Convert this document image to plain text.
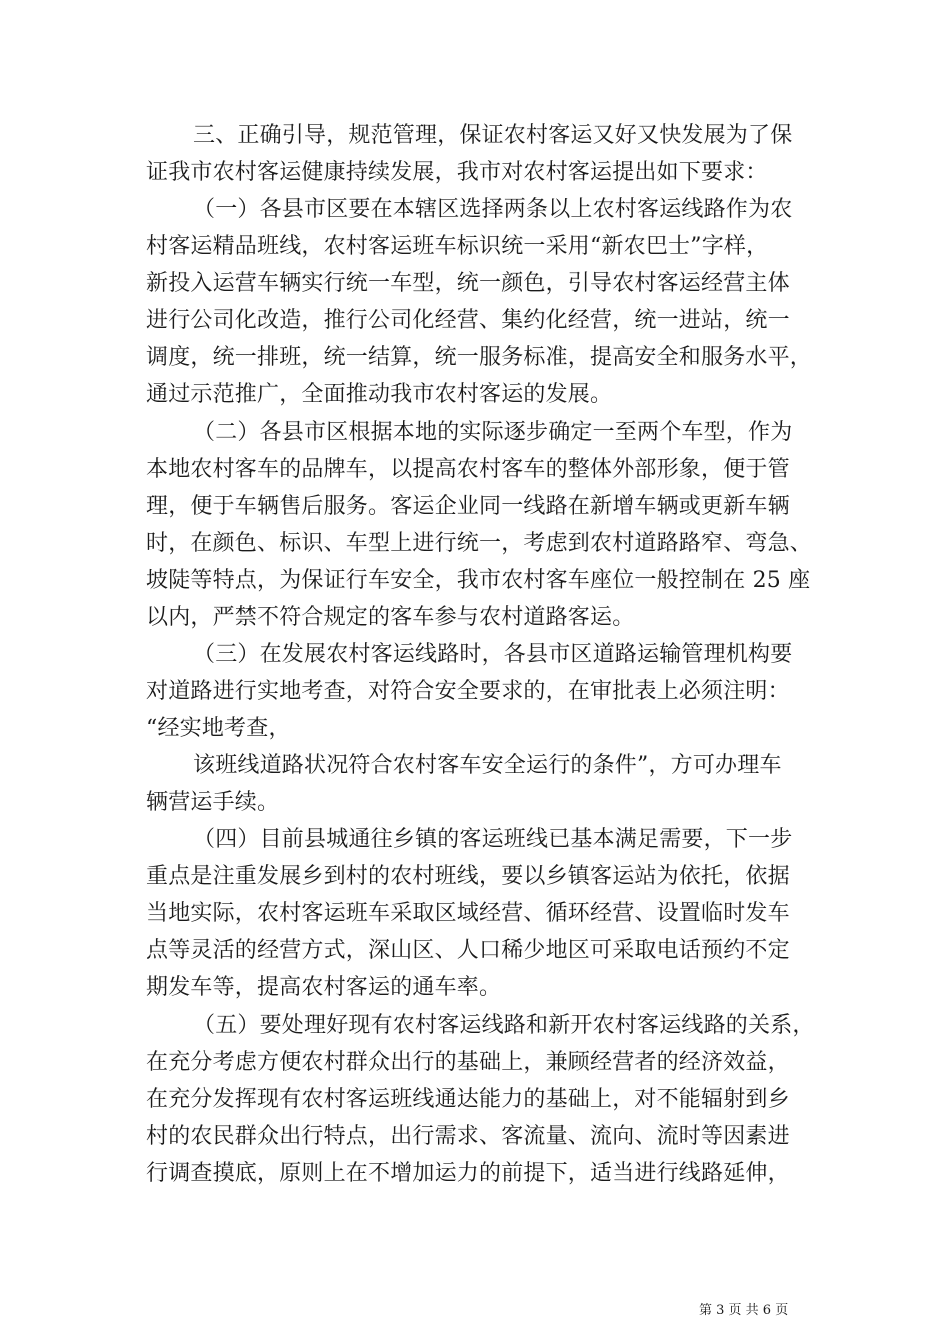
三、正确引导，规范管理，保证农村客运又好又快发展为了保
证我市农村客运健康持续发展，我市对农村客运提出如下要求：
（一）各县市区要在本辖区选择两条以上农村客运线路作为农
村客运精品班线，农村客运班车标识统一采用“新农巴士”字样，
新投入运营车辆实行统一车型，统一颜色，引导农村客运经营主体
进行公司化改造，推行公司化经营、集约化经营，统一进站，统一
调度，统一排班，统一结算，统一服务标准，提高安全和服务水平，
通过示范推广，全面推动我市农村客运的发展。
（二）各县市区根据本地的实际逐步确定一至两个车型，作为
本地农村客车的品牌车，以提高农村客车的整体外部形象，便于管
理，便于车辆售后服务。客运企业同一线路在新增车辆或更新车辆
时，在颜色、标识、车型上进行统一，考虑到农村道路路窄、弯急、
坡陡等特点，为保证行车安全，我市农村客车座位一般控制在 25 座
以内，严禁不符合规定的客车参与农村道路客运。
（三）在发展农村客运线路时，各县市区道路运输管理机构要
对道路进行实地考查，对符合安全要求的，在审批表上必须注明：
“经实地考查，
该班线道路状况符合农村客车安全运行的条件”，方可办理车
辆营运手续。
（四）目前县城通往乡镇的客运班线已基本满足需要，下一步
重点是注重发展乡到村的农村班线，要以乡镇客运站为依托，依据
当地实际，农村客运班车采取区域经营、循环经营、设置临时发车
点等灵活的经营方式，深山区、人口稀少地区可采取电话预约不定
期发车等，提高农村客运的通车率。
（五）要处理好现有农村客运线路和新开农村客运线路的关系，
在充分考虑方便农村群众出行的基础上，兼顾经营者的经济效益，
在充分发挥现有农村客运班线通达能力的基础上，对不能辐射到乡
村的农民群众出行特点，出行需求、客流量、流向、流时等因素进
行调查摸底，原则上在不增加运力的前提下，适当进行线路延伸，
第 3 页 共 6 页
